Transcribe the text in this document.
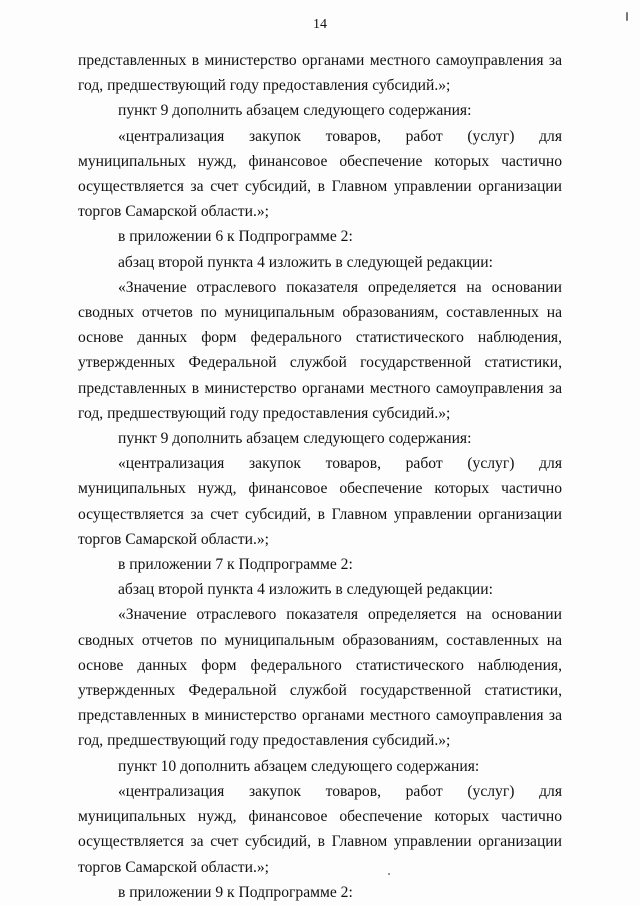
14

представленных в министерство органами местного самоуправления за год, предшествующий году предоставления субсидий.»;

пункт 9 дополнить абзацем следующего содержания:

«централизация закупок товаров, работ (услуг) для муниципальных нужд, финансовое обеспечение которых частично осуществляется за счет субсидий, в Главном управлении организации торгов Самарской области.»;

в приложении 6 к Подпрограмме 2:

абзац второй пункта 4 изложить в следующей редакции:

«Значение отраслевого показателя определяется на основании сводных отчетов по муниципальным образованиям, составленных на основе данных форм федерального статистического наблюдения, утвержденных Федеральной службой государственной статистики, представленных в министерство органами местного самоуправления за год, предшествующий году предоставления субсидий.»;

пункт 9 дополнить абзацем следующего содержания:

«централизация закупок товаров, работ (услуг) для муниципальных нужд, финансовое обеспечение которых частично осуществляется за счет субсидий, в Главном управлении организации торгов Самарской области.»;

в приложении 7 к Подпрограмме 2:

абзац второй пункта 4 изложить в следующей редакции:

«Значение отраслевого показателя определяется на основании сводных отчетов по муниципальным образованиям, составленных на основе данных форм федерального статистического наблюдения, утвержденных Федеральной службой государственной статистики, представленных в министерство органами местного самоуправления за год, предшествующий году предоставления субсидий.»;

пункт 10 дополнить абзацем следующего содержания:

«централизация закупок товаров, работ (услуг) для муниципальных нужд, финансовое обеспечение которых частично осуществляется за счет субсидий, в Главном управлении организации торгов Самарской области.»;

в приложении 9 к Подпрограмме 2:
